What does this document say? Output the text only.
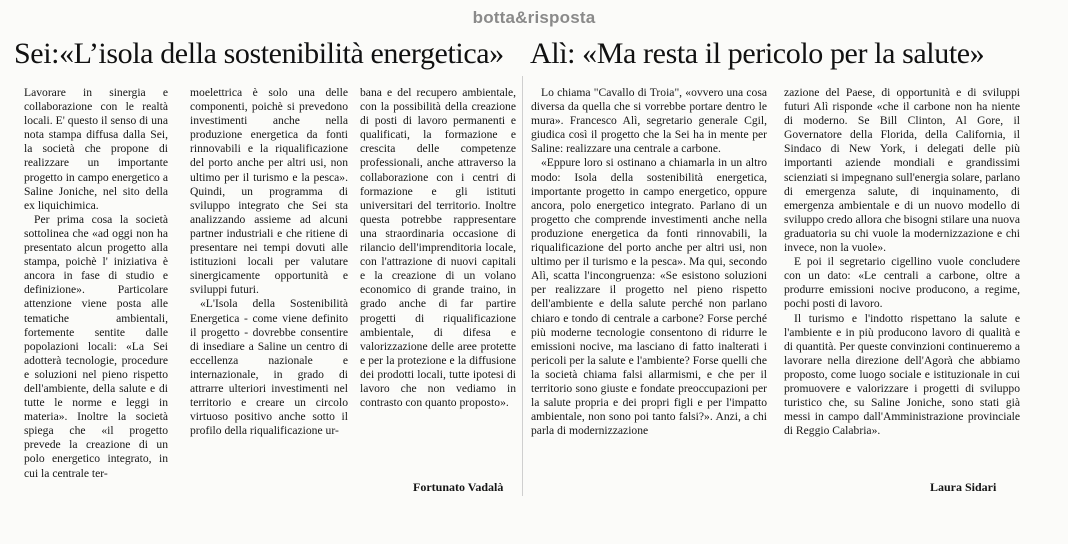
botta&risposta
Sei:«L’isola della sostenibilità energetica» Alì: «Ma resta il pericolo per la salute»

Lavorare in sinergia e collaborazione con le realtà locali. E' questo il senso di una nota stampa diffusa dalla Sei, la società che propone di realizzare un importante progetto in campo energetico a Saline Joniche, nel sito della ex liquichimica.

Per prima cosa la società sottolinea che «ad oggi non ha presentato alcun progetto alla stampa, poichè l' iniziativa è ancora in fase di studio e definizione». Particolare attenzione viene posta alle tematiche ambientali, fortemente sentite dalle popolazioni locali: «La Sei adotterà tecnologie, procedure e soluzioni nel pieno rispetto dell'ambiente, della salute e di tutte le norme e leggi in materia». Inoltre la società spiega che «il progetto prevede la creazione di un polo energetico integrato, in cui la centrale ter-

moelettrica è solo una delle componenti, poichè si prevedono investimenti anche nella produzione energetica da fonti rinnovabili e la riqualificazione del porto anche per altri usi, non ultimo per il turismo e la pesca». Quindi, un programma di sviluppo integrato che Sei sta analizzando assieme ad alcuni partner industriali e che ritiene di presentare nei tempi dovuti alle istituzioni locali per valutare sinergicamente opportunità e sviluppi futuri.

«L'Isola della Sostenibilità Energetica - come viene definito il progetto - dovrebbe consentire di insediare a Saline un centro di eccellenza nazionale e internazionale, in grado di attrarre ulteriori investimenti nel territorio e creare un circolo virtuoso positivo anche sotto il profilo della riqualificazione ur-

bana e del recupero ambientale, con la possibilità della creazione di posti di lavoro permanenti e qualificati, la formazione e crescita delle competenze professionali, anche attraverso la collaborazione con i centri di formazione e gli istituti universitari del territorio. Inoltre questa potrebbe rappresentare una straordinaria occasione di rilancio dell'imprenditoria locale, con l'attrazione di nuovi capitali e la creazione di un volano economico di grande traino, in grado anche di far partire progetti di riqualificazione ambientale, di difesa e valorizzazione delle aree protette e per la protezione e la diffusione dei prodotti locali, tutte ipotesi di lavoro che non vediamo in contrasto con quanto proposto».

Fortunato Vadalà

Lo chiama "Cavallo di Troia", «ovvero una cosa diversa da quella che si vorrebbe portare dentro le mura». Francesco Alì, segretario generale Cgil, giudica così il progetto che la Sei ha in mente per Saline: realizzare una centrale a carbone.

«Eppure loro si ostinano a chiamarla in un altro modo: Isola della sostenibilità energetica, importante progetto in campo energetico, oppure ancora, polo energetico integrato. Parlano di un progetto che comprende investimenti anche nella produzione energetica da fonti rinnovabili, la riqualificazione del porto anche per altri usi, non ultimo per il turismo e la pesca». Ma qui, secondo Alì, scatta l'incongruenza: «Se esistono soluzioni per realizzare il progetto nel pieno rispetto dell'ambiente e della salute perché non parlano chiaro e tondo di centrale a carbone? Forse perché più moderne tecnologie consentono di ridurre le emissioni nocive, ma lasciano di fatto inalterati i pericoli per la salute e l'ambiente? Forse quelli che la società chiama falsi allarmismi, e che per il territorio sono giuste e fondate preoccupazioni per la salute propria e dei propri figli e per l'impatto ambientale, non sono poi tanto falsi?». Anzi, a chi parla di modernizzazione

zazione del Paese, di opportunità e di sviluppi futuri Alì risponde «che il carbone non ha niente di moderno. Se Bill Clinton, Al Gore, il Governatore della Florida, della California, il Sindaco di New York, i delegati delle più importanti aziende mondiali e grandissimi scienziati si impegnano sull'energia solare, parlano di emergenza salute, di inquinamento, di emergenza ambientale e di un nuovo modello di sviluppo credo allora che bisogni stilare una nuova graduatoria su chi vuole la modernizzazione e chi invece, non la vuole».

E poi il segretario cigellino vuole concludere con un dato: «Le centrali a carbone, oltre a produrre emissioni nocive producono, a regime, pochi posti di lavoro.

Il turismo e l'indotto rispettano la salute e l'ambiente e in più producono lavoro di qualità e di quantità. Per queste convinzioni continueremo a lavorare nella direzione dell'Agorà che abbiamo proposto, come luogo sociale e istituzionale in cui promuovere e valorizzare i progetti di sviluppo turistico che, su Saline Joniche, sono stati già messi in campo dall'Amministrazione provinciale di Reggio Calabria».

Laura Sidari
